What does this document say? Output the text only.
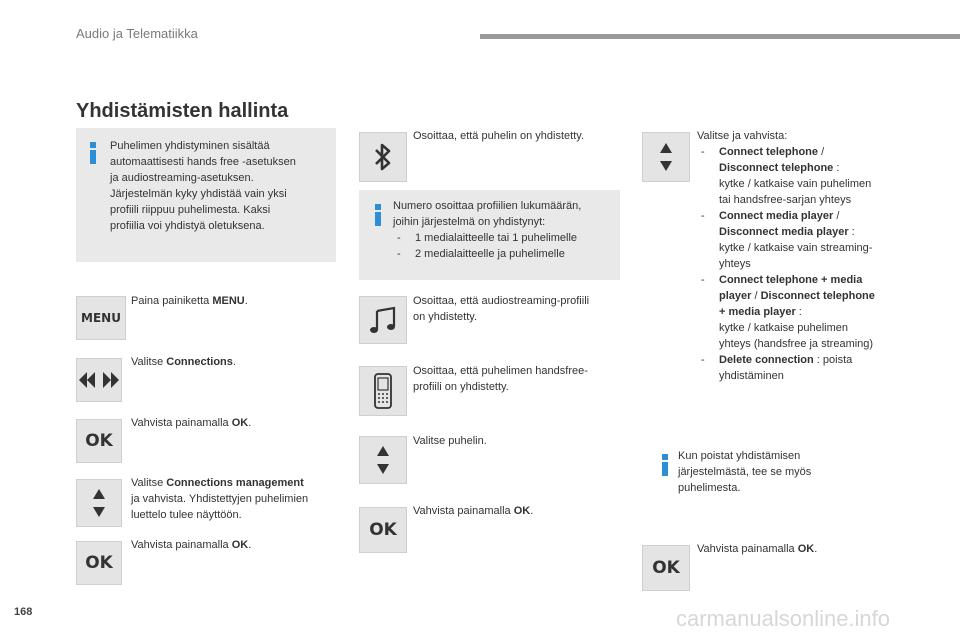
Audio ja Telematiikka
Yhdistämisten hallinta
Puhelimen yhdistyminen sisältää
automaattisesti hands free -asetuksen
ja audiostreaming-asetuksen.
Järjestelmän kyky yhdistää vain yksi
profiili riippuu puhelimesta. Kaksi
profiilia voi yhdistyä oletuksena.
MENU
Paina painiketta MENU.
Valitse Connections.
OK
Vahvista painamalla OK.
Valitse Connections management
ja vahvista. Yhdistettyjen puhelimien
luettelo tulee näyttöön.
OK
Vahvista painamalla OK.
Osoittaa, että puhelin on yhdistetty.
Numero osoittaa profiilien lukumäärän,
joihin järjestelmä on yhdistynyt:
- 1 medialaitteelle tai 1 puhelimelle
- 2 medialaitteelle ja puhelimelle
Osoittaa, että audiostreaming-profiili
on yhdistetty.
Osoittaa, että puhelimen handsfree-
profiili on yhdistetty.
Valitse puhelin.
OK
Vahvista painamalla OK.
Valitse ja vahvista:
- Connect telephone /
Disconnect telephone :
kytke / katkaise vain puhelimen
tai handsfree-sarjan yhteys
- Connect media player /
Disconnect media player :
kytke / katkaise vain streaming-
yhteys
- Connect telephone + media
player / Disconnect telephone
+ media player :
kytke / katkaise puhelimen
yhteys (handsfree ja streaming)
- Delete connection : poista
yhdistäminen
Kun poistat yhdistämisen
järjestelmästä, tee se myös
puhelimesta.
OK
Vahvista painamalla OK.
168	carmanualsonline.info
